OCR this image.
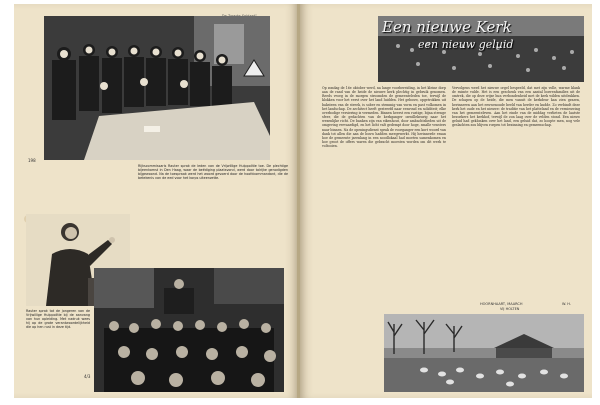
198
Rijkscommissaris Rauter sprak de leden van de Vrijwillige Hulppolitie toe. De plechtige bijeenkomst in Den Haag, waar de beëdiging plaatsvond, werd door talrijke genodigden bijgewoond. Na de toespraak werd het woord gevoerd door de hoofdcommandant, die de betekenis van de eed voor het korps uiteenzette.
Rauter sprak tot de jongeren van de Vrijwillige Hulppolitie bij de aanvang van hun opleiding. Met nadruk wees hij op de grote verantwoordelijkheid die op hen rust in deze tijd.
4/3
Een nieuwe Kerk
een nieuw geluid
Op zondag de 16e oktober werd, na lange voorbereiding, in het kleine dorp aan de rand van de heide de nieuwe kerk plechtig in gebruik genomen. Reeds vroeg in de morgen stroomden de gemeenteleden toe, terwijl de klokken voor het eerst over het land luidden. Het gebouw, opgetrokken uit baksteen van de streek, is sober en stemmig van vorm en past volkomen in het landschap. De architect heeft gestreefd naar eenvoud en soliditeit; elke overbodige versiering is vermeden. Binnen heerst een rustige, bijna strenge sfeer, die de gedachten van de kerkganger onwillekeurig naar het wezenlijke richt. De banken zijn van eikenhout, door ambachtslieden uit de omgeving vervaardigd, en het licht valt gedempt door hoge, smalle vensters naar binnen. Na de openingsdienst sprak de voorganger een kort woord van dank tot allen die aan de bouw hadden meegewerkt. Hij herinnerde eraan hoe de gemeente jarenlang in een noodlokaal had moeten samenkomen en hoe groot de offers waren die gebracht moesten worden om dit werk te voltooien.
Vervolgens werd het nieuwe orgel bespeeld, dat met zijn volle, warme klank de ruimte vulde. Het is een geschenk van een aantal boerenfamilies uit de omtrek, die op deze wijze hun verbondenheid met de kerk wilden uitdrukken. De schapen op de heide, die men vanuit de kerkdeur kan zien grazen, herinneren aan het eeuwenoude beeld van herder en kudde. Zo verbindt deze kerk het oude en het nieuwe: de traditie van het platteland en de vernieuwing van het gemeenteleven. Aan het einde van de middag verlieten de laatste bezoekers het kerkhof, terwijl de zon laag over de velden stond. Een nieuw geluid had geklonken over het land, een geluid dat, zo hoopte men, nog vele geslachten zou blijven roepen tot bezinning en gemeenschap.
HOORNHAART, MAARCH	W. H.
VIJ HOLTEN
